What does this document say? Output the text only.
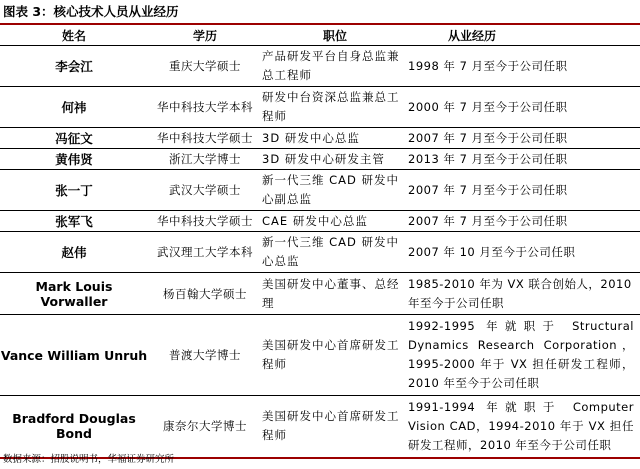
图表 3：核心技术人员从业经历
姓名	学历	职位	从业经历
李会江	重庆大学硕士	产品研发平台自身总监兼总工程师	1998 年 7 月至今于公司任职
何祎	华中科技大学本科	研发中台资深总监兼总工程师	2000 年 7 月至今于公司任职
冯征文	华中科技大学硕士	3D 研发中心总监	2007 年 7 月至今于公司任职
黄伟贤	浙江大学博士	3D 研发中心研发主管	2013 年 7 月至今于公司任职
张一丁	武汉大学硕士	新一代三维 CAD 研发中心副总监	2007 年 7 月至今于公司任职
张军飞	华中科技大学硕士	CAE 研发中心总监	2007 年 7 月至今于公司任职
赵伟	武汉理工大学本科	新一代三维 CAD 研发中心总监	2007 年 10 月至今于公司任职
Mark Louis Vorwaller	杨百翰大学硕士	美国研发中心董事、总经理	1985-2010 年为 VX 联合创始人，2010 年至今于公司任职
Vance William Unruh	普渡大学博士	美国研发中心首席研发工程师	1992-1995 年就职于 Structural Dynamics Research Corporation，1995-2000 年于 VX 担任研发工程师，2010 年至今于公司任职
Bradford Douglas Bond	康奈尔大学博士	美国研发中心首席研发工程师	1991-1994 年就职于 Computer Vision CAD，1994-2010 年于 VX 担任研发工程师，2010 年至今于公司任职
数据来源：招股说明书，华福证券研究所
